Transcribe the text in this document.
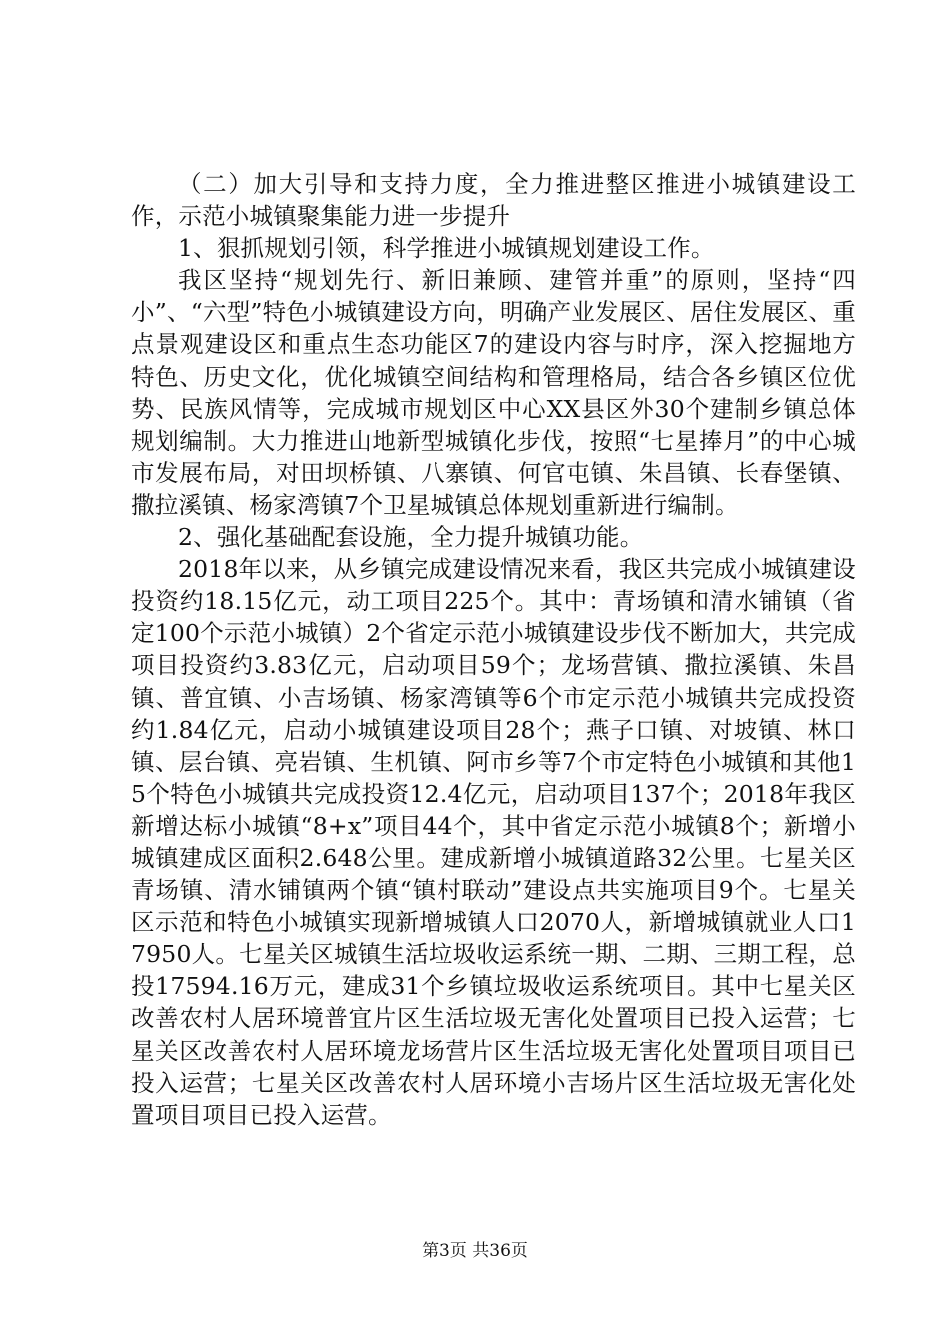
（二）加大引导和支持力度，全力推进整区推进小城镇建设工作，示范小城镇聚集能力进一步提升

1、狠抓规划引领，科学推进小城镇规划建设工作。

我区坚持“规划先行、新旧兼顾、建管并重”的原则，坚持“四小”、“六型”特色小城镇建设方向，明确产业发展区、居住发展区、重点景观建设区和重点生态功能区7的建设内容与时序，深入挖掘地方特色、历史文化，优化城镇空间结构和管理格局，结合各乡镇区位优势、民族风情等，完成城市规划区中心XX县区外30个建制乡镇总体规划编制。大力推进山地新型城镇化步伐，按照“七星捧月”的中心城市发展布局，对田坝桥镇、八寨镇、何官屯镇、朱昌镇、长春堡镇、撒拉溪镇、杨家湾镇7个卫星城镇总体规划重新进行编制。

2、强化基础配套设施，全力提升城镇功能。

2018年以来，从乡镇完成建设情况来看，我区共完成小城镇建设投资约18.15亿元，动工项目225个。其中：青场镇和清水铺镇（省定100个示范小城镇）2个省定示范小城镇建设步伐不断加大，共完成项目投资约3.83亿元，启动项目59个；龙场营镇、撒拉溪镇、朱昌镇、普宜镇、小吉场镇、杨家湾镇等6个市定示范小城镇共完成投资约1.84亿元，启动小城镇建设项目28个；燕子口镇、对坡镇、林口镇、层台镇、亮岩镇、生机镇、阿市乡等7个市定特色小城镇和其他15个特色小城镇共完成投资12.4亿元，启动项目137个；2018年我区新增达标小城镇“8+x”项目44个，其中省定示范小城镇8个；新增小城镇建成区面积2.648公里。建成新增小城镇道路32公里。七星关区青场镇、清水铺镇两个镇“镇村联动”建设点共实施项目9个。七星关区示范和特色小城镇实现新增城镇人口2070人，新增城镇就业人口17950人。七星关区城镇生活垃圾收运系统一期、二期、三期工程，总投17594.16万元，建成31个乡镇垃圾收运系统项目。其中七星关区改善农村人居环境普宜片区生活垃圾无害化处置项目已投入运营；七星关区改善农村人居环境龙场营片区生活垃圾无害化处置项目项目已投入运营；七星关区改善农村人居环境小吉场片区生活垃圾无害化处置项目项目已投入运营。

第3页 共36页
